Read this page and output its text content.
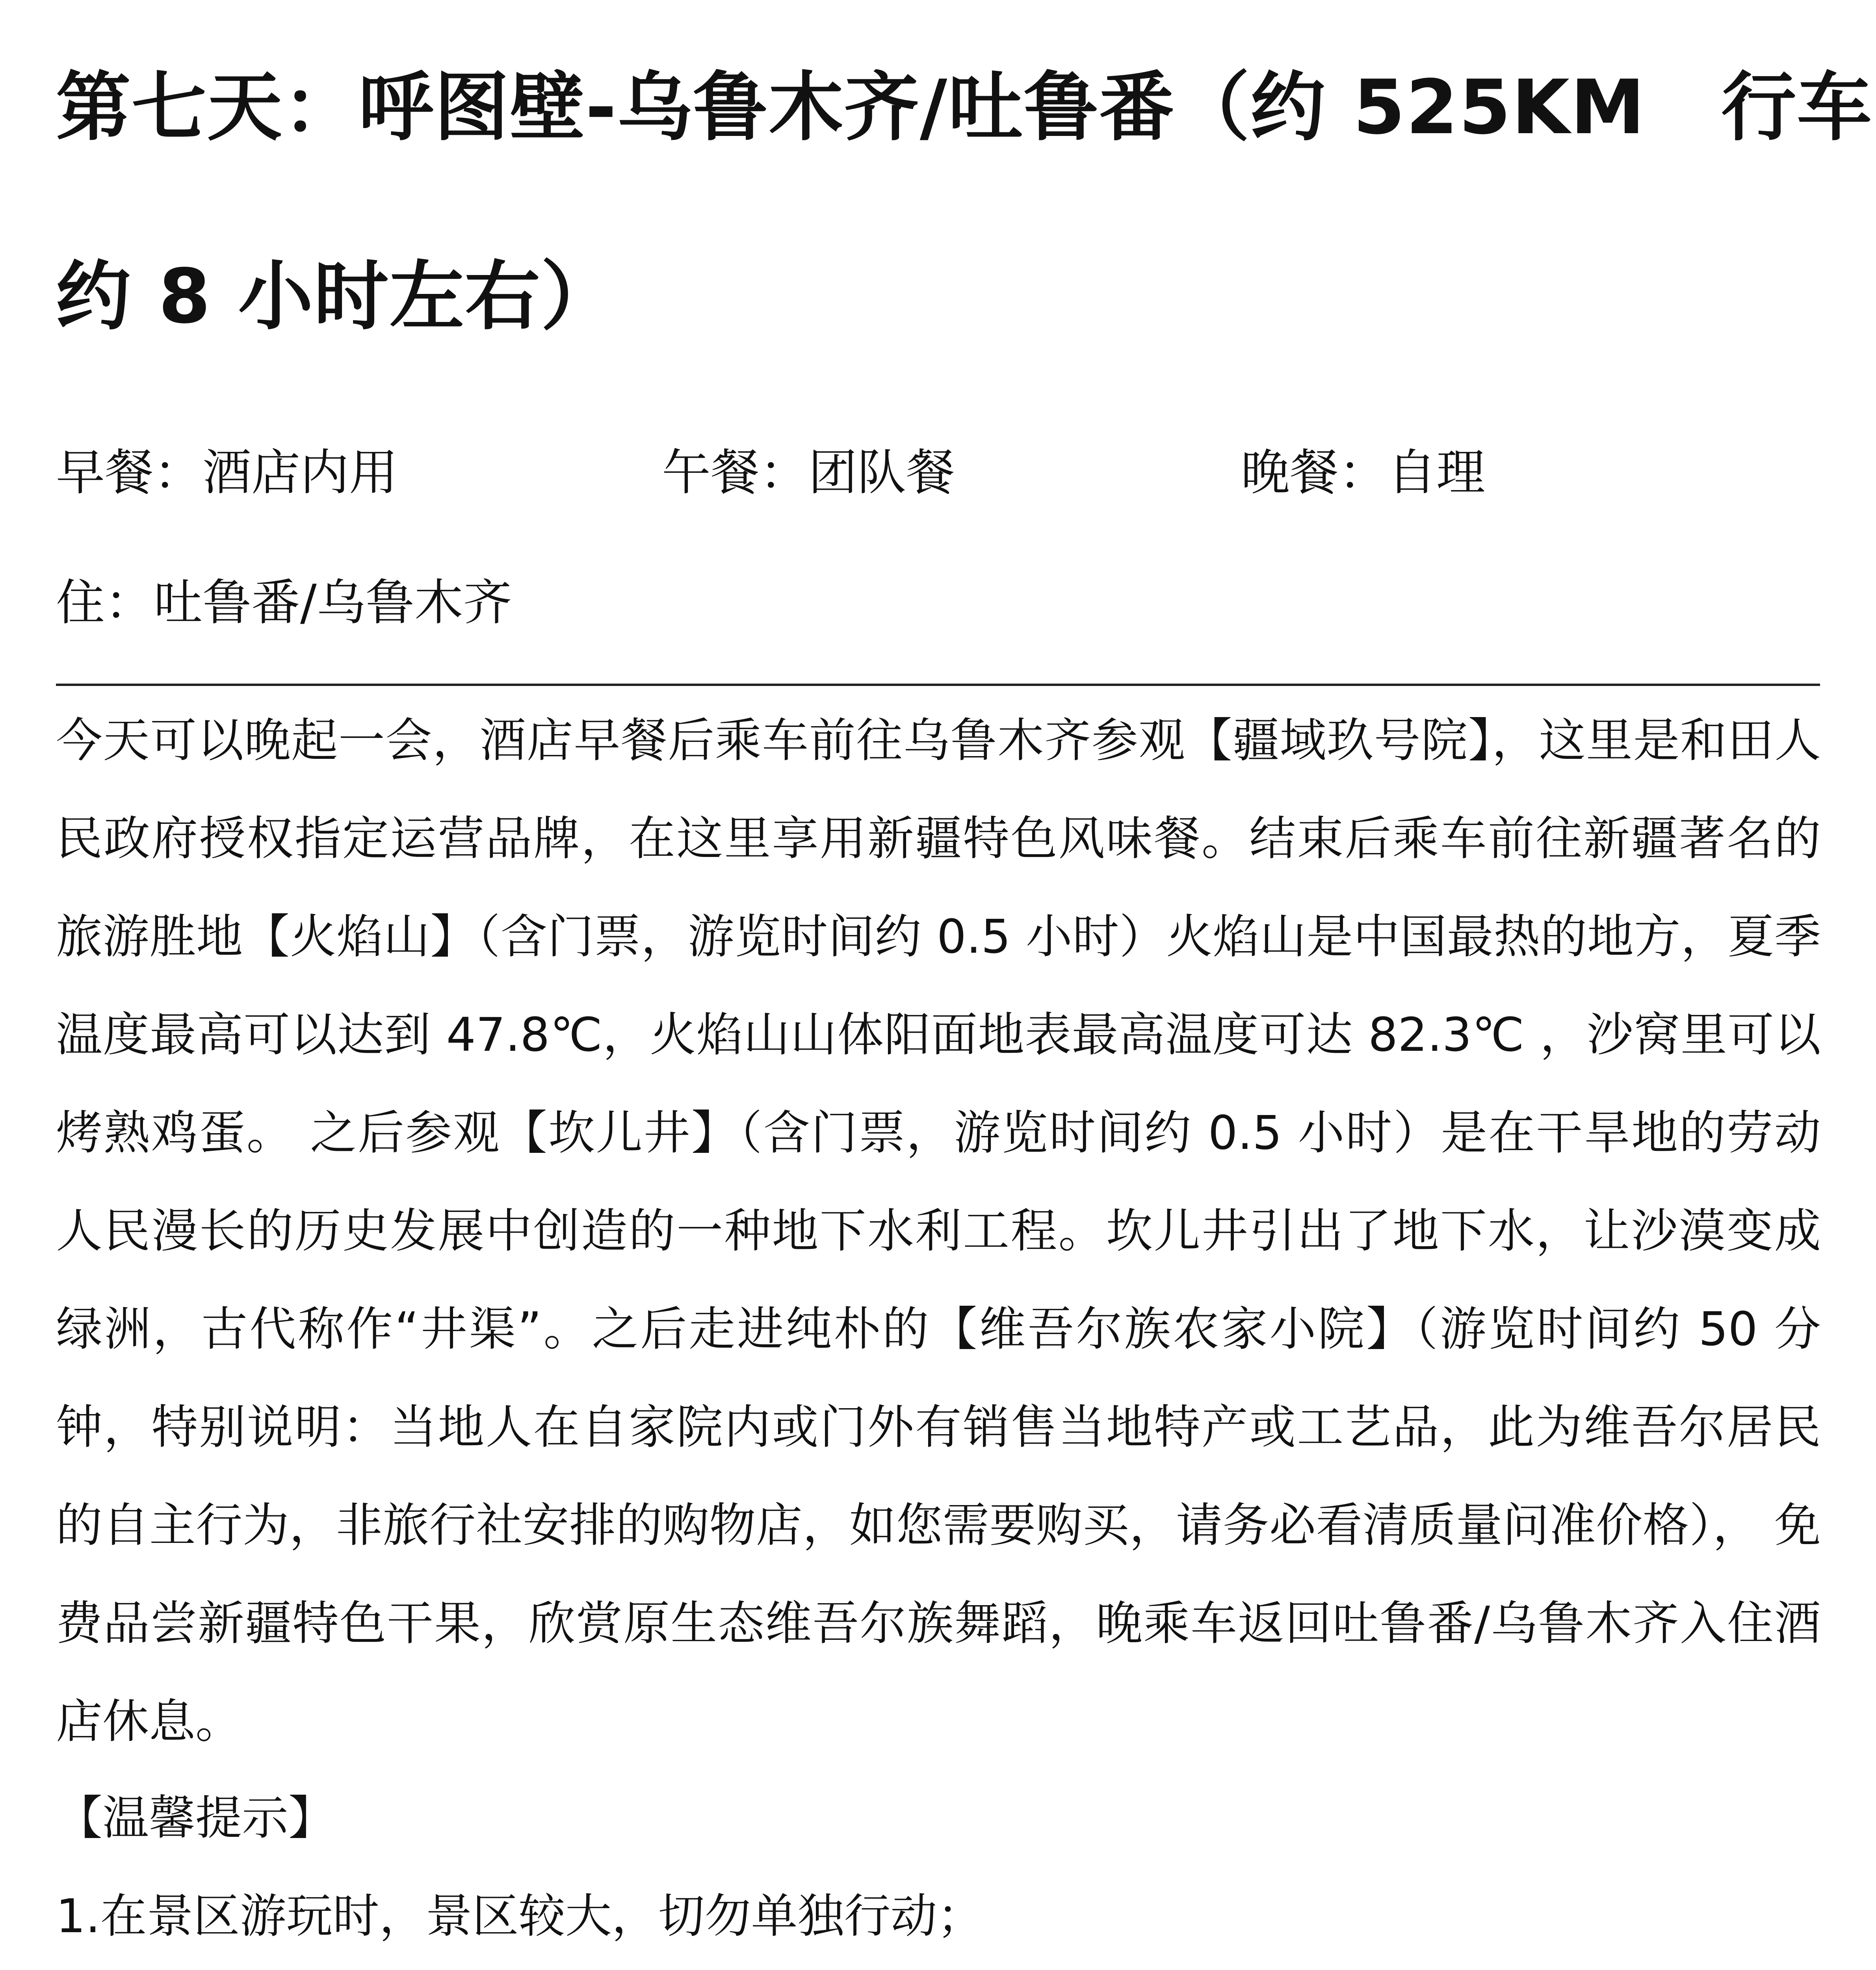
第七天：呼图壁-乌鲁木齐/吐鲁番（约 525KM　行车
约 8 小时左右）
早餐：酒店内用	午餐：团队餐	晚餐：自理
住：吐鲁番/乌鲁木齐
今天可以晚起一会，酒店早餐后乘车前往乌鲁木齐参观【疆域玖号院】，这里是和田人民政府授权指定运营品牌，在这里享用新疆特色风味餐。结束后乘车前往新疆著名的旅游胜地【火焰山】（含门票，游览时间约 0.5 小时）火焰山是中国最热的地方，夏季温度最高可以达到 47.8℃，火焰山山体阳面地表最高温度可达 82.3℃ ，沙窝里可以烤熟鸡蛋。 之后参观【坎儿井】（含门票，游览时间约 0.5 小时）是在干旱地的劳动人民漫长的历史发展中创造的一种地下水利工程。坎儿井引出了地下水，让沙漠变成绿洲，古代称作“井渠”。之后走进纯朴的【维吾尔族农家小院】（游览时间约 50 分钟，特别说明：当地人在自家院内或门外有销售当地特产或工艺品，此为维吾尔居民的自主行为，非旅行社安排的购物店，如您需要购买，请务必看清质量问准价格）， 免费品尝新疆特色干果，欣赏原生态维吾尔族舞蹈，晚乘车返回吐鲁番/乌鲁木齐入住酒店休息。
【温馨提示】
1.在景区游玩时，景区较大，切勿单独行动；
